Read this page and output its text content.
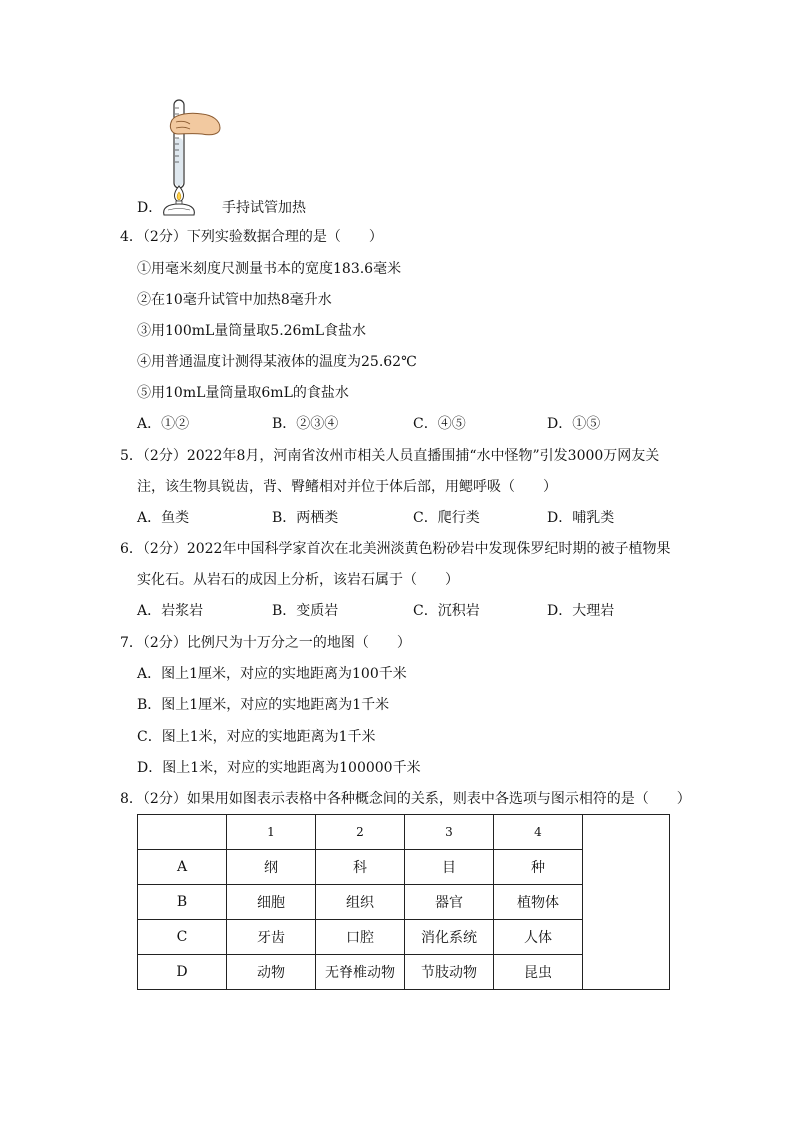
D．	手持试管加热
4．（2分）下列实验数据合理的是（　　）
①用毫米刻度尺测量书本的宽度183.6毫米
②在10毫升试管中加热8毫升水
③用100mL量筒量取5.26mL食盐水
④用普通温度计测得某液体的温度为25.62℃
⑤用10mL量筒量取6mL的食盐水
A．①②	B．②③④	C．④⑤	D．①⑤
5．（2分）2022年8月，河南省汝州市相关人员直播围捕“水中怪物”引发3000万网友关
注，该生物具锐齿，背、臀鳍相对并位于体后部，用鳃呼吸（　　）
A．鱼类	B．两栖类	C．爬行类	D．哺乳类
6．（2分）2022年中国科学家首次在北美洲淡黄色粉砂岩中发现侏罗纪时期的被子植物果
实化石。从岩石的成因上分析，该岩石属于（　　）
A．岩浆岩	B．变质岩	C．沉积岩	D．大理岩
7．（2分）比例尺为十万分之一的地图（　　）
A．图上1厘米，对应的实地距离为100千米
B．图上1厘米，对应的实地距离为1千米
C．图上1米，对应的实地距离为1千米
D．图上1米，对应的实地距离为100000千米
8．（2分）如果用如图表示表格中各种概念间的关系，则表中各选项与图示相符的是（　　）
	1	2	3	4	
A	纲	科	目	种	
B	细胞	组织	器官	植物体	
C	牙齿	口腔	消化系统	人体	
D	动物	无脊椎动物	节肢动物	昆虫	
